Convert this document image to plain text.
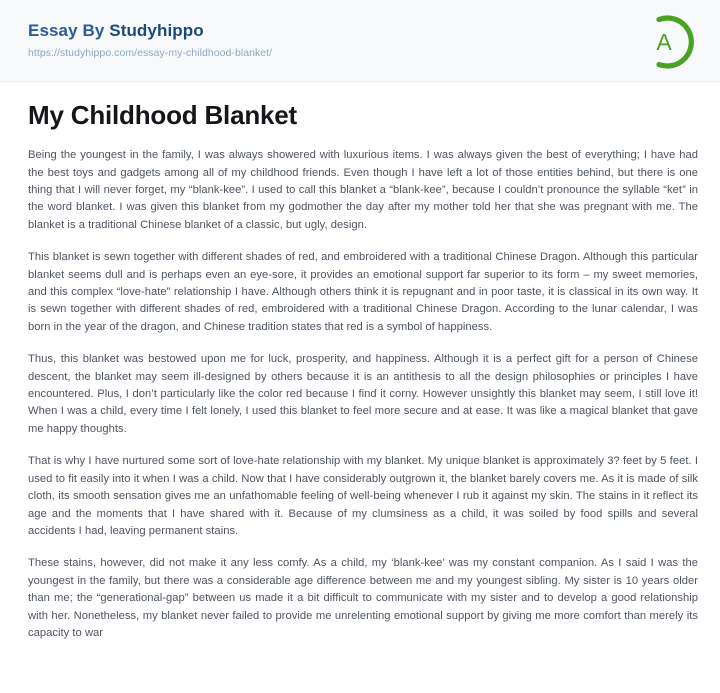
Essay By Studyhippo
https://studyhippo.com/essay-my-childhood-blanket/	A
My Childhood Blanket

Being the youngest in the family, I was always showered with luxurious items. I was always given the best of everything; I have had the best toys and gadgets among all of my childhood friends. Even though I have left a lot of those entities behind, but there is one thing that I will never forget, my “blank-kee”. I used to call this blanket a “blank-kee”, because I couldn’t pronounce the syllable “ket” in the word blanket. I was given this blanket from my godmother the day after my mother told her that she was pregnant with me. The blanket is a traditional Chinese blanket of a classic, but ugly, design.

This blanket is sewn together with different shades of red, and embroidered with a traditional Chinese Dragon. Although this particular blanket seems dull and is perhaps even an eye-sore, it provides an emotional support far superior to its form – my sweet memories, and this complex “love-hate” relationship I have. Although others think it is repugnant and in poor taste, it is classical in its own way. It is sewn together with different shades of red, embroidered with a traditional Chinese Dragon. According to the lunar calendar, I was born in the year of the dragon, and Chinese tradition states that red is a symbol of happiness.

Thus, this blanket was bestowed upon me for luck, prosperity, and happiness. Although it is a perfect gift for a person of Chinese descent, the blanket may seem ill-designed by others because it is an antithesis to all the design philosophies or principles I have encountered. Plus, I don’t particularly like the color red because I find it corny. However unsightly this blanket may seem, I still love it! When I was a child, every time I felt lonely, I used this blanket to feel more secure and at ease. It was like a magical blanket that gave me happy thoughts.

That is why I have nurtured some sort of love-hate relationship with my blanket. My unique blanket is approximately 3? feet by 5 feet. I used to fit easily into it when I was a child. Now that I have considerably outgrown it, the blanket barely covers me. As it is made of silk cloth, its smooth sensation gives me an unfathomable feeling of well-being whenever I rub it against my skin. The stains in it reflect its age and the moments that I have shared with it. Because of my clumsiness as a child, it was soiled by food spills and several accidents I had, leaving permanent stains.

These stains, however, did not make it any less comfy. As a child, my ‘blank-kee’ was my constant companion. As I said I was the youngest in the family, but there was a considerable age difference between me and my youngest sibling. My sister is 10 years older than me; the “generational-gap” between us made it a bit difficult to communicate with my sister and to develop a good relationship with her. Nonetheless, my blanket never failed to provide me unrelenting emotional support by giving me more comfort than merely its capacity to war
